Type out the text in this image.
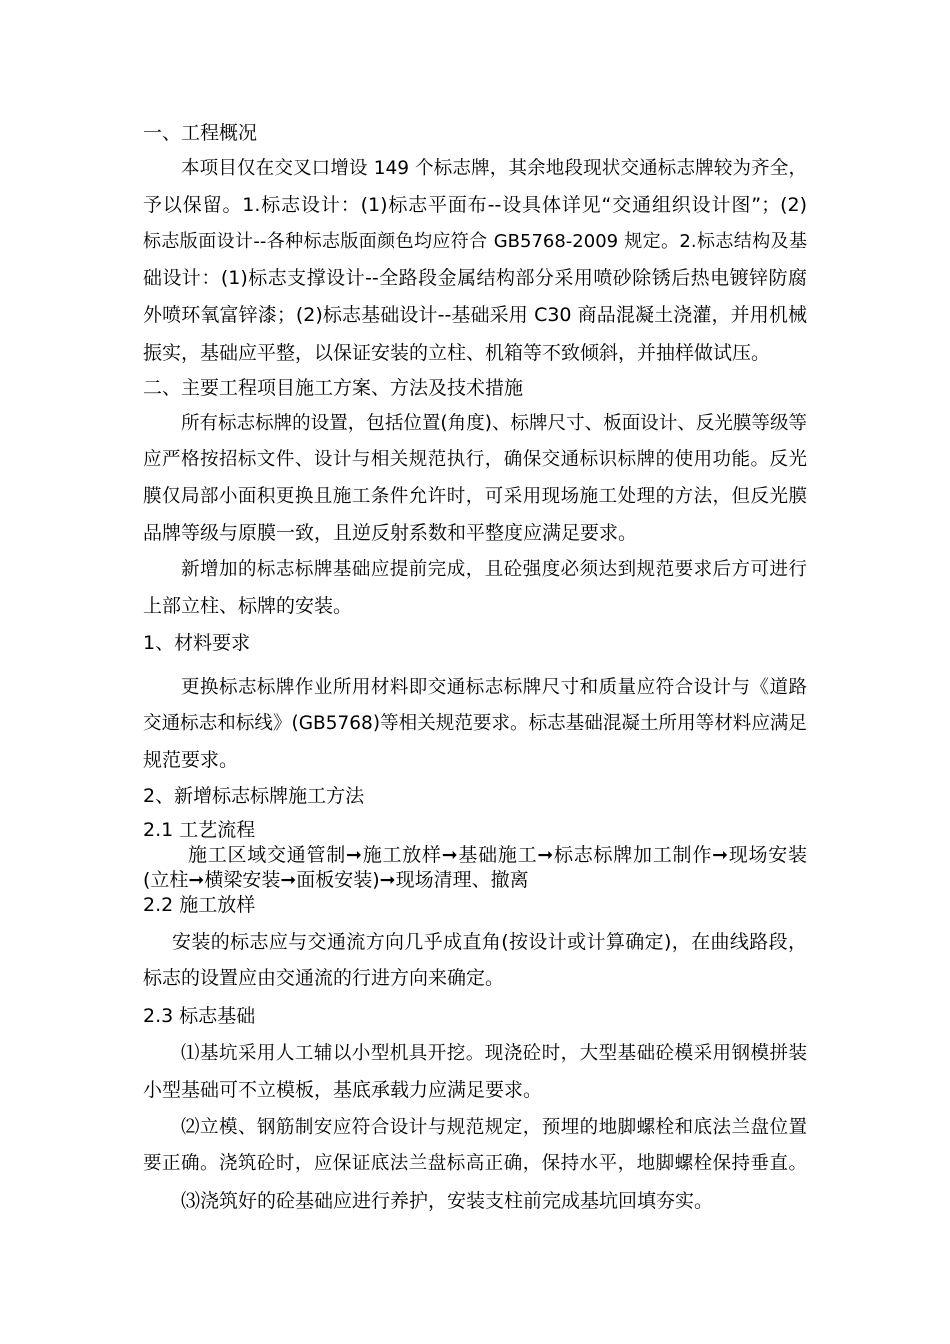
一、工程概况
本项目仅在交叉口增设 149 个标志牌，其余地段现状交通标志牌较为齐全，
予以保留。1.标志设计：(1)标志平面布--设具体详见“交通组织设计图”；(2)
标志版面设计--各种标志版面颜色均应符合 GB5768-2009 规定。2.标志结构及基
础设计：(1)标志支撑设计--全路段金属结构部分采用喷砂除锈后热电镀锌防腐
外喷环氧富锌漆；(2)标志基础设计--基础采用 C30 商品混凝土浇灌，并用机械
振实，基础应平整，以保证安装的立柱、机箱等不致倾斜，并抽样做试压。
二、主要工程项目施工方案、方法及技术措施
所有标志标牌的设置，包括位置(角度)、标牌尺寸、板面设计、反光膜等级等
应严格按招标文件、设计与相关规范执行，确保交通标识标牌的使用功能。反光
膜仅局部小面积更换且施工条件允许时，可采用现场施工处理的方法，但反光膜
品牌等级与原膜一致，且逆反射系数和平整度应满足要求。
新增加的标志标牌基础应提前完成，且砼强度必须达到规范要求后方可进行
上部立柱、标牌的安装。
1、材料要求
更换标志标牌作业所用材料即交通标志标牌尺寸和质量应符合设计与《道路
交通标志和标线》(GB5768)等相关规范要求。标志基础混凝土所用等材料应满足
规范要求。
2、新增标志标牌施工方法
2.1 工艺流程
施工区域交通管制➞施工放样➞基础施工➞标志标牌加工制作➞现场安装
(立柱➞横梁安装➞面板安装)➞现场清理、撤离
2.2 施工放样
安装的标志应与交通流方向几乎成直角(按设计或计算确定)，在曲线路段，
标志的设置应由交通流的行进方向来确定。
2.3 标志基础
⑴基坑采用人工辅以小型机具开挖。现浇砼时，大型基础砼模采用钢模拼装
小型基础可不立模板，基底承载力应满足要求。
⑵立模、钢筋制安应符合设计与规范规定，预埋的地脚螺栓和底法兰盘位置
要正确。浇筑砼时，应保证底法兰盘标高正确，保持水平，地脚螺栓保持垂直。
⑶浇筑好的砼基础应进行养护，安装支柱前完成基坑回填夯实。
